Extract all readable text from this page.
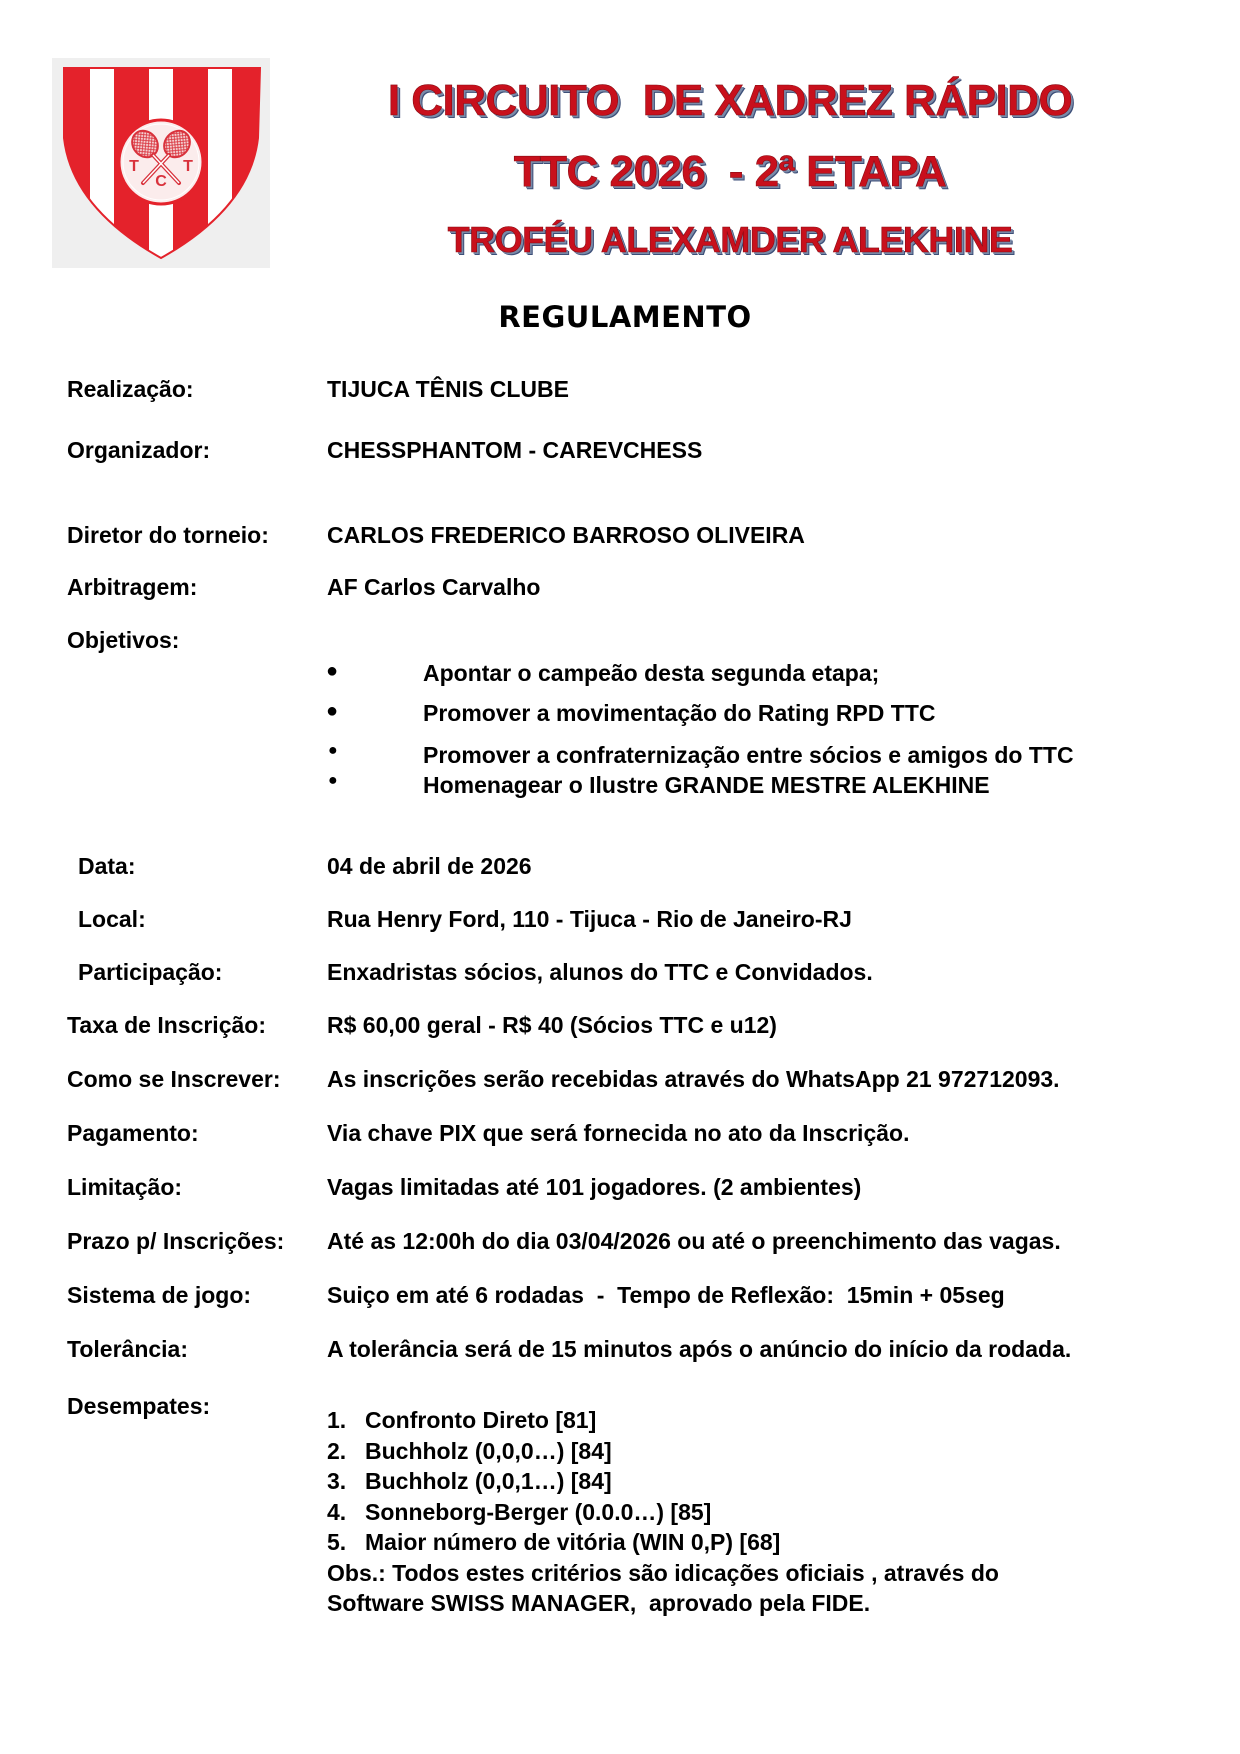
T
C
T
I CIRCUITO  DE XADREZ RÁPIDO
TTC 2026  - 2ª ETAPA
TROFÉU ALEXAMDER ALEKHINE
REGULAMENTO
Realização:	TIJUCA TÊNIS CLUBE
Organizador:	CHESSPHANTOM - CAREVCHESS
Diretor do torneio:	CARLOS FREDERICO BARROSO OLIVEIRA
Arbitragem:	AF Carlos Carvalho
Objetivos:
●	Apontar o campeão desta segunda etapa;
●	Promover a movimentação do Rating RPD TTC
●	Promover a confraternização entre sócios e amigos do TTC
●	Homenagear o Ilustre GRANDE MESTRE ALEKHINE
Data:	04 de abril de 2026
Local:	Rua Henry Ford, 110 - Tijuca - Rio de Janeiro-RJ
Participação:	Enxadristas sócios, alunos do TTC e Convidados.
Taxa de Inscrição:	R$ 60,00 geral - R$ 40 (Sócios TTC e u12)
Como se Inscrever: As inscrições serão recebidas através do WhatsApp 21 972712093.
Pagamento:	Via chave PIX que será fornecida no ato da Inscrição.
Limitação:	Vagas limitadas até 101 jogadores. (2 ambientes)
Prazo p/ Inscrições: Até as 12:00h do dia 03/04/2026 ou até o preenchimento das vagas.
Sistema de jogo:	Suiço em até 6 rodadas  -  Tempo de Reflexão:  15min + 05seg
Tolerância:	A tolerância será de 15 minutos após o anúncio do início da rodada.
Desempates:
1. Confronto Direto [81]
2. Buchholz (0,0,0…) [84]
3. Buchholz (0,0,1…) [84]
4. Sonneborg-Berger (0.0.0…) [85]
5. Maior número de vitória (WIN 0,P) [68]
Obs.: Todos estes critérios são idicações oficiais , através do
Software SWISS MANAGER,  aprovado pela FIDE.
